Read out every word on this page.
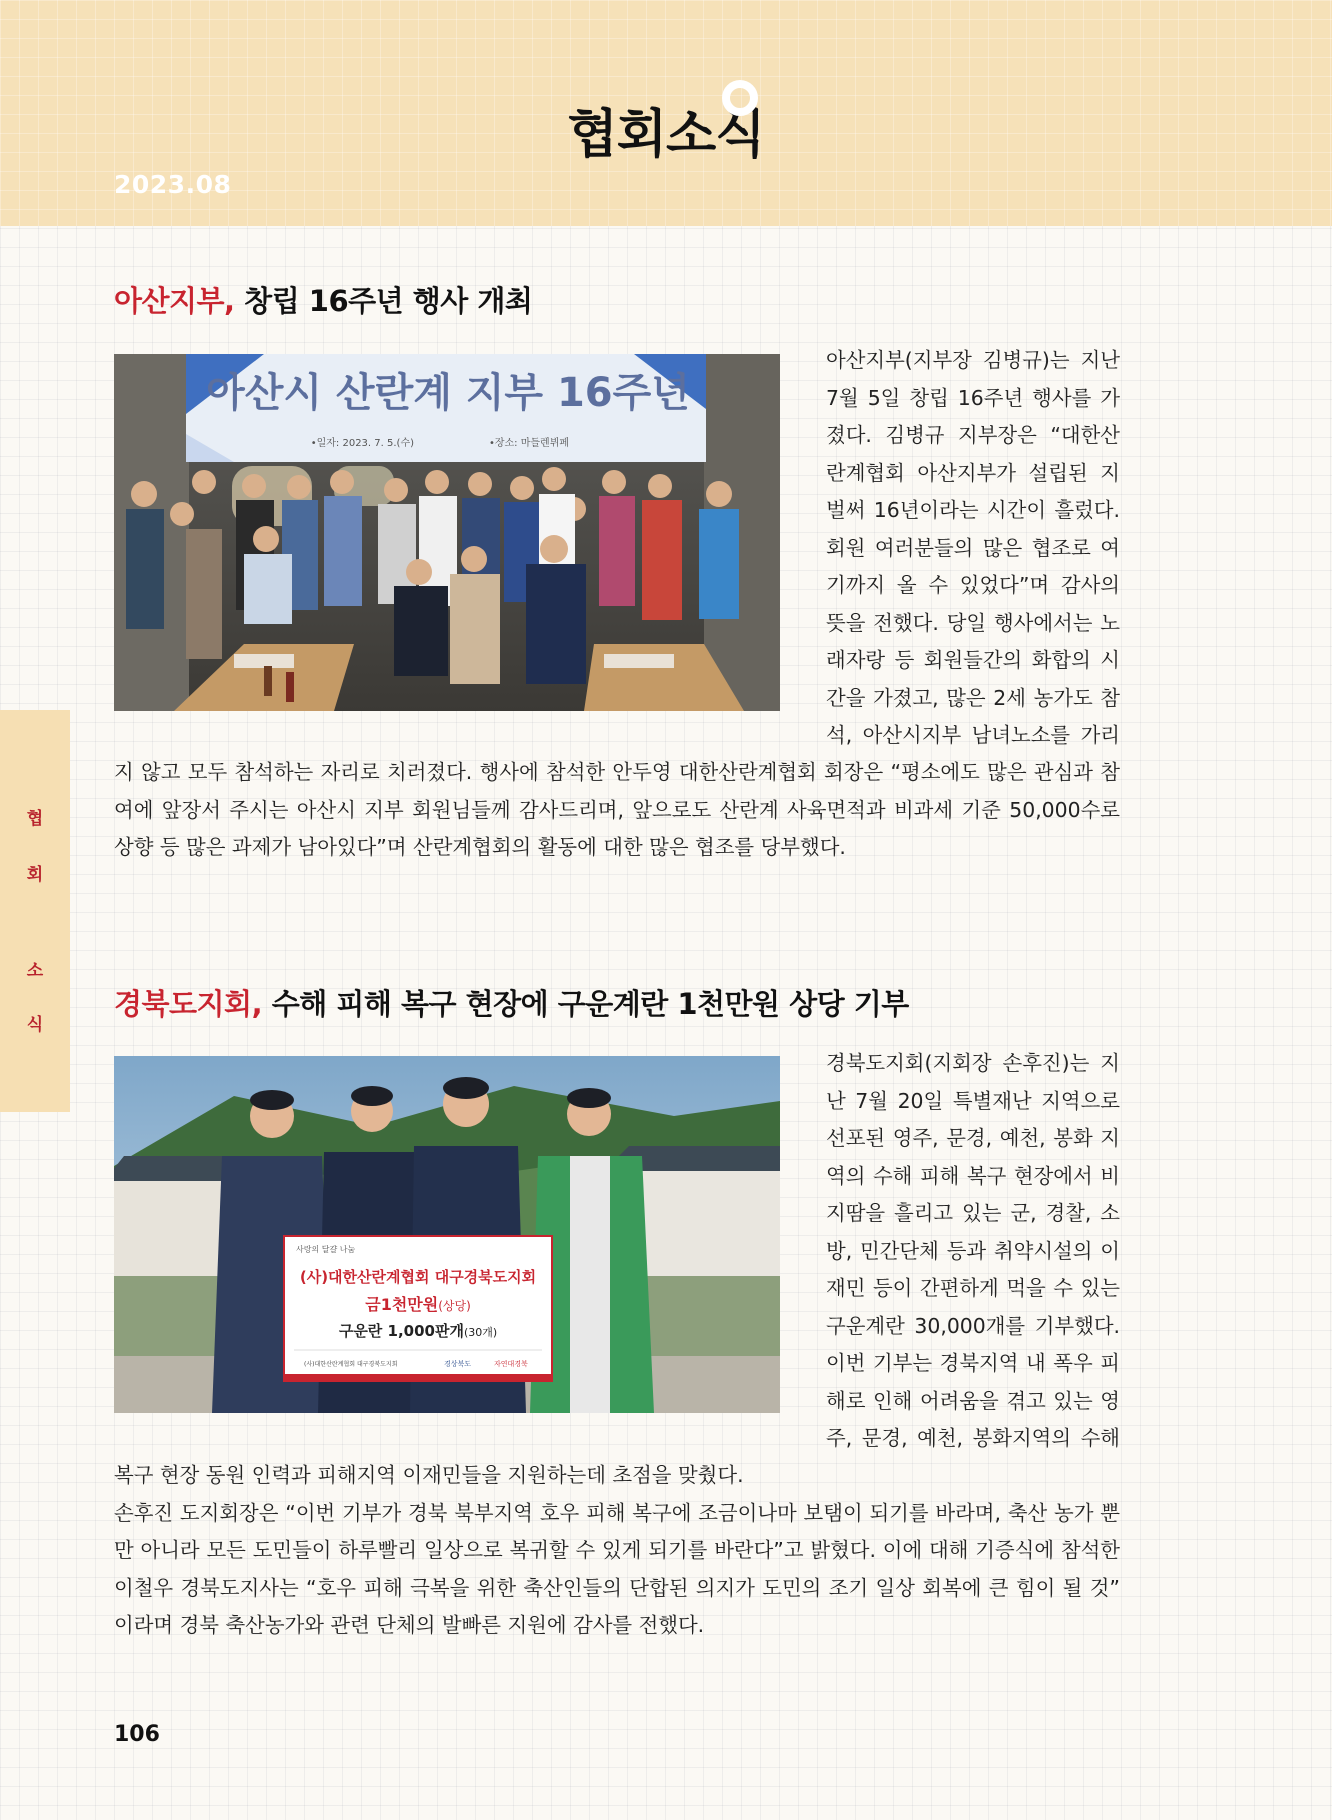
협회소식
2023.08
협
회
소
식
아산지부, 창립 16주년 행사 개최
아산시 산란계 지부 16주년
•일자: 2023. 7. 5.(수)	•장소: 마들렌뷔페
아산지부(지부장 김병규)는 지난
7월 5일 창립 16주년 행사를 가
졌다. 김병규 지부장은 “대한산
란계협회 아산지부가 설립된 지
벌써 16년이라는 시간이 흘렀다.
회원 여러분들의 많은 협조로 여
기까지 올 수 있었다”며 감사의
뜻을 전했다. 당일 행사에서는 노
래자랑 등 회원들간의 화합의 시
간을 가졌고, 많은 2세 농가도 참
석, 아산시지부 남녀노소를 가리
지 않고 모두 참석하는 자리로 치러졌다. 행사에 참석한 안두영 대한산란계협회 회장은 “평소에도 많은 관심과 참
여에 앞장서 주시는 아산시 지부 회원님들께 감사드리며, 앞으로도 산란계 사육면적과 비과세 기준 50,000수로
상향 등 많은 과제가 남아있다”며 산란계협회의 활동에 대한 많은 협조를 당부했다.
경북도지회, 수해 피해 복구 현장에 구운계란 1천만원 상당 기부
사랑의 달걀 나눔
(사)대한산란계협회 대구경북도지회
금1천만원(상당)
구운란 1,000판개(30개)
(사)대한산란계협회 대구경북도지회	경상북도	자연대경북
경북도지회(지회장 손후진)는 지
난 7월 20일 특별재난 지역으로
선포된 영주, 문경, 예천, 봉화 지
역의 수해 피해 복구 현장에서 비
지땀을 흘리고 있는 군, 경찰, 소
방, 민간단체 등과 취약시설의 이
재민 등이 간편하게 먹을 수 있는
구운계란 30,000개를 기부했다.
이번 기부는 경북지역 내 폭우 피
해로 인해 어려움을 겪고 있는 영
주, 문경, 예천, 봉화지역의 수해
복구 현장 동원 인력과 피해지역 이재민들을 지원하는데 초점을 맞췄다.
손후진 도지회장은 “이번 기부가 경북 북부지역 호우 피해 복구에 조금이나마 보탬이 되기를 바라며, 축산 농가 뿐
만 아니라 모든 도민들이 하루빨리 일상으로 복귀할 수 있게 되기를 바란다”고 밝혔다. 이에 대해 기증식에 참석한
이철우 경북도지사는 “호우 피해 극복을 위한 축산인들의 단합된 의지가 도민의 조기 일상 회복에 큰 힘이 될 것”
이라며 경북 축산농가와 관련 단체의 발빠른 지원에 감사를 전했다.
106
